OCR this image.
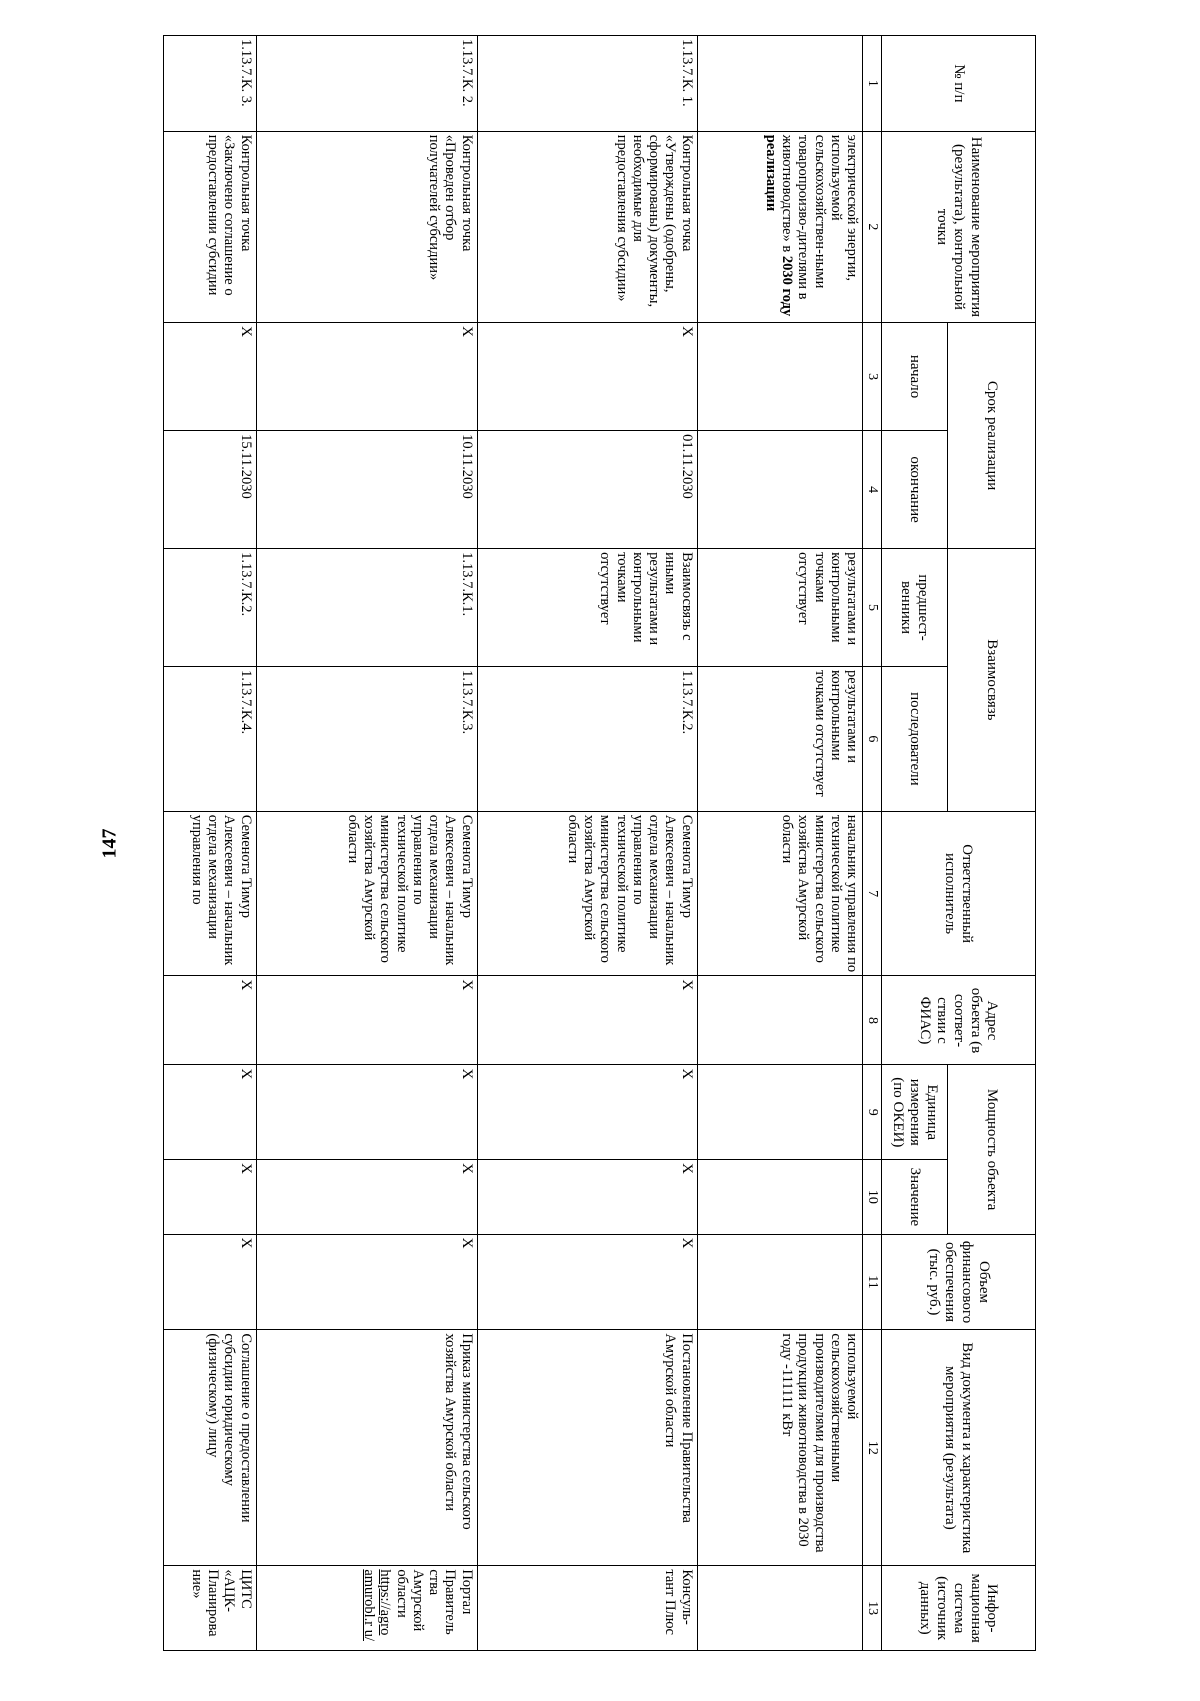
147
№ п/п	Наименование мероприятия (результата), контрольной точки	Срок реализации		Взаимосвязь		Ответственный исполнитель	Адрес объекта (в соответ-ствии с ФИАС)	Мощность объекта		Объем финансового обеспечения (тыс. руб.)	Вид документа и характеристика мероприятия (результата)	Инфор-мационная система (источник данных)
		начало	окончание	предшест-венники	последователи			Единица измерения (по ОКЕИ)	Значение			
1	2	3	4	5	6	7	8	9	10	11	12	13
	электрической энергии, используемой сельскохозяйствен-ными товаропроизво-дителями в животноводстве» в 2030 году реализации			результатами и контрольными точками отсутствует	результатами и контрольными точками отсутствует	начальник управления по технической политике министерства сельского хозяйства Амурской области					используемой сельскохозяйственными производителями для производства продукции животноводства в 2030 году -111111 кВт	
1.13.7.К. 1.	Контрольная точка «Утверждены (одобрены, сформированы) документы, необходимые для предоставления субсидии»	X	01.11.2030	Взаимосвязь с иными результатами и контрольными точками отсутствует	1.13.7.К.2.	Семенота Тимур Алексеевич – начальник отдела механизации управления по технической политике министерства сельского хозяйства Амурской области	X	X	X	X	Постановление Правительства Амурской области	Консуль-тант Плюс
1.13.7.К. 2.	Контрольная точка «Проведен отбор получателей субсидии»	X	10.11.2030	1.13.7.К.1.	1.13.7.К.3.	Семенота Тимур Алексеевич – начальник отдела механизации управления по технической политике министерства сельского хозяйства Амурской области	X	X	X	X	Приказ министерства сельского хозяйства Амурской области	Портал Правитель ства Амурской области https://agro amurobl.r u/
1.13.7.К. 3.	Контрольная точка «Заключено соглашение о предоставлении субсидии	X	15.11.2030	1.13.7.К.2.	1.13.7.К.4.	Семенота Тимур Алексеевич – начальник отдела механизации управления по	X	X	X	X	Соглашение о предоставлении субсидии юридическому (физическому) лицу	ЦИТС «АЦК-Планирова ние»
